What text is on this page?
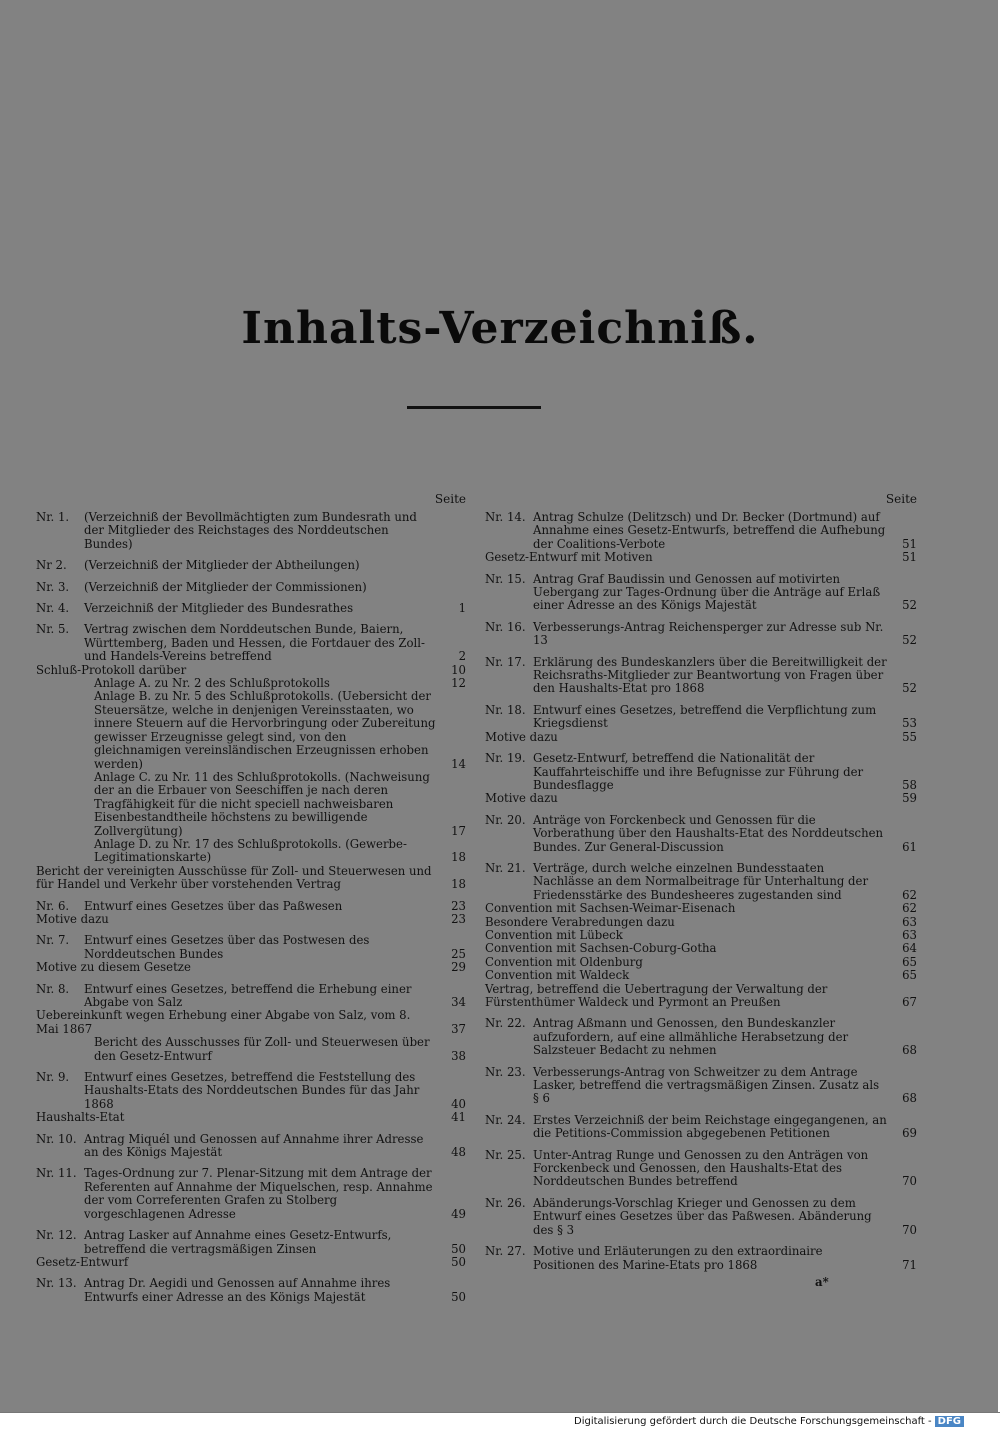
Inhalts-Verzeichniß.
Seite
Nr. 1.	(Verzeichniß der Bevollmächtigten zum Bundesrath und der Mitglieder des Reichstages des Norddeutschen Bundes)
Nr 2.	(Verzeichniß der Mitglieder der Abtheilungen)
Nr. 3.	(Verzeichniß der Mitglieder der Commissionen)
Nr. 4.	Verzeichniß der Mitglieder des Bundesrathes	1
Nr. 5.	Vertrag zwischen dem Norddeutschen Bunde, Baiern, Württemberg, Baden und Hessen, die Fortdauer des Zoll- und Handels-Vereins betreffend	2
Schluß-Protokoll darüber	10
Anlage A. zu Nr. 2 des Schlußprotokolls	12
Anlage B. zu Nr. 5 des Schlußprotokolls. (Uebersicht der Steuersätze, welche in denjenigen Vereinsstaaten, wo innere Steuern auf die Hervorbringung oder Zubereitung gewisser Erzeugnisse gelegt sind, von den gleichnamigen vereinsländischen Erzeugnissen erhoben werden)	14
Anlage C. zu Nr. 11 des Schlußprotokolls. (Nachweisung der an die Erbauer von Seeschiffen je nach deren Tragfähigkeit für die nicht speciell nachweisbaren Eisenbestandtheile höchstens zu bewilligende Zollvergütung)	17
Anlage D. zu Nr. 17 des Schlußprotokolls. (Gewerbe-Legitimationskarte)	18
Bericht der vereinigten Ausschüsse für Zoll- und Steuerwesen und für Handel und Verkehr über vorstehenden Vertrag	18
Nr. 6.	Entwurf eines Gesetzes über das Paßwesen	23
Motive dazu	23
Nr. 7.	Entwurf eines Gesetzes über das Postwesen des Norddeutschen Bundes	25
Motive zu diesem Gesetze	29
Nr. 8.	Entwurf eines Gesetzes, betreffend die Erhebung einer Abgabe von Salz	34
Uebereinkunft wegen Erhebung einer Abgabe von Salz, vom 8. Mai 1867	37
Bericht des Ausschusses für Zoll- und Steuerwesen über den Gesetz-Entwurf	38
Nr. 9.	Entwurf eines Gesetzes, betreffend die Feststellung des Haushalts-Etats des Norddeutschen Bundes für das Jahr 1868	40
Haushalts-Etat	41
Nr. 10. Antrag Miquél und Genossen auf Annahme ihrer Adresse an des Königs Majestät	48
Nr. 11. Tages-Ordnung zur 7. Plenar-Sitzung mit dem Antrage der Referenten auf Annahme der Miquelschen, resp. Annahme der vom Correferenten Grafen zu Stolberg vorgeschlagenen Adresse	49
Nr. 12. Antrag Lasker auf Annahme eines Gesetz-Entwurfs, betreffend die vertragsmäßigen Zinsen	50
Gesetz-Entwurf	50
Nr. 13. Antrag Dr. Aegidi und Genossen auf Annahme ihres Entwurfs einer Adresse an des Königs Majestät	50
Seite
Nr. 14. Antrag Schulze (Delitzsch) und Dr. Becker (Dortmund) auf Annahme eines Gesetz-Entwurfs, betreffend die Aufhebung der Coalitions-Verbote	51
Gesetz-Entwurf mit Motiven	51
Nr. 15. Antrag Graf Baudissin und Genossen auf motivirten Uebergang zur Tages-Ordnung über die Anträge auf Erlaß einer Adresse an des Königs Majestät	52
Nr. 16. Verbesserungs-Antrag Reichensperger zur Adresse sub Nr. 13	52
Nr. 17. Erklärung des Bundeskanzlers über die Bereitwilligkeit der Reichsraths-Mitglieder zur Beantwortung von Fragen über den Haushalts-Etat pro 1868	52
Nr. 18. Entwurf eines Gesetzes, betreffend die Verpflichtung zum Kriegsdienst	53
Motive dazu	55
Nr. 19. Gesetz-Entwurf, betreffend die Nationalität der Kauffahrteischiffe und ihre Befugnisse zur Führung der Bundesflagge	58
Motive dazu	59
Nr. 20. Anträge von Forckenbeck und Genossen für die Vorberathung über den Haushalts-Etat des Norddeutschen Bundes. Zur General-Discussion	61
Nr. 21. Verträge, durch welche einzelnen Bundesstaaten Nachlässe an dem Normalbeitrage für Unterhaltung der Friedensstärke des Bundesheeres zugestanden sind	62
Convention mit Sachsen-Weimar-Eisenach	62
Besondere Verabredungen dazu	63
Convention mit Lübeck	63
Convention mit Sachsen-Coburg-Gotha	64
Convention mit Oldenburg	65
Convention mit Waldeck	65
Vertrag, betreffend die Uebertragung der Verwaltung der Fürstenthümer Waldeck und Pyrmont an Preußen	67
Nr. 22. Antrag Aßmann und Genossen, den Bundeskanzler aufzufordern, auf eine allmähliche Herabsetzung der Salzsteuer Bedacht zu nehmen	68
Nr. 23. Verbesserungs-Antrag von Schweitzer zu dem Antrage Lasker, betreffend die vertragsmäßigen Zinsen. Zusatz als § 6	68
Nr. 24. Erstes Verzeichniß der beim Reichstage eingegangenen, an die Petitions-Commission abgegebenen Petitionen	69
Nr. 25. Unter-Antrag Runge und Genossen zu den Anträgen von Forckenbeck und Genossen, den Haushalts-Etat des Norddeutschen Bundes betreffend	70
Nr. 26. Abänderungs-Vorschlag Krieger und Genossen zu dem Entwurf eines Gesetzes über das Paßwesen. Abänderung des § 3	70
Nr. 27. Motive und Erläuterungen zu den extraordinaire Positionen des Marine-Etats pro 1868	71
a*
Digitalisierung gefördert durch die Deutsche Forschungsgemeinschaft - DFG
